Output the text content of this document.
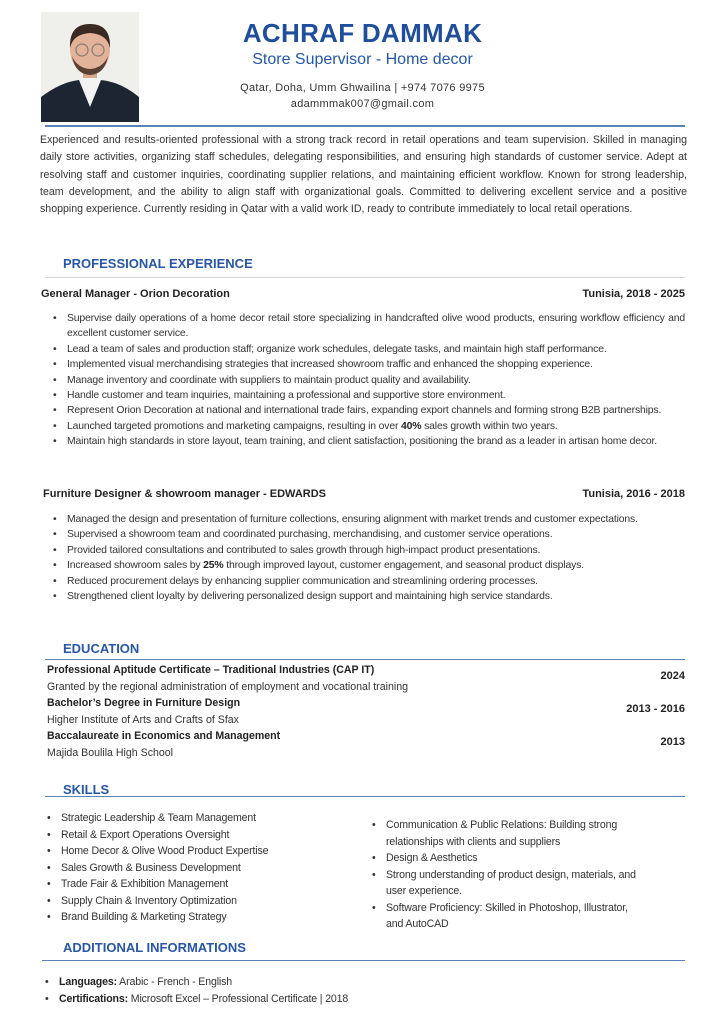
ACHRAF DAMMAK
Store Supervisor - Home decor
Qatar, Doha, Umm Ghwailina | +974 7076 9975
adammmak007@gmail.com
Experienced and results-oriented professional with a strong track record in retail operations and team supervision. Skilled in managing daily store activities, organizing staff schedules, delegating responsibilities, and ensuring high standards of customer service. Adept at resolving staff and customer inquiries, coordinating supplier relations, and maintaining efficient workflow. Known for strong leadership, team development, and the ability to align staff with organizational goals. Committed to delivering excellent service and a positive shopping experience. Currently residing in Qatar with a valid work ID, ready to contribute immediately to local retail operations.
PROFESSIONAL EXPERIENCE
General Manager - Orion Decoration	Tunisia, 2018 - 2025
• Supervise daily operations of a home decor retail store specializing in handcrafted olive wood products, ensuring workflow efficiency and excellent customer service.
• Lead a team of sales and production staff; organize work schedules, delegate tasks, and maintain high staff performance.
• Implemented visual merchandising strategies that increased showroom traffic and enhanced the shopping experience.
• Manage inventory and coordinate with suppliers to maintain product quality and availability.
• Handle customer and team inquiries, maintaining a professional and supportive store environment.
• Represent Orion Decoration at national and international trade fairs, expanding export channels and forming strong B2B partnerships.
• Launched targeted promotions and marketing campaigns, resulting in over 40% sales growth within two years.
• Maintain high standards in store layout, team training, and client satisfaction, positioning the brand as a leader in artisan home decor.
Furniture Designer & showroom manager - EDWARDS	Tunisia, 2016 - 2018
• Managed the design and presentation of furniture collections, ensuring alignment with market trends and customer expectations.
• Supervised a showroom team and coordinated purchasing, merchandising, and customer service operations.
• Provided tailored consultations and contributed to sales growth through high-impact product presentations.
• Increased showroom sales by 25% through improved layout, customer engagement, and seasonal product displays.
• Reduced procurement delays by enhancing supplier communication and streamlining ordering processes.
• Strengthened client loyalty by delivering personalized design support and maintaining high service standards.
EDUCATION
Professional Aptitude Certificate – Traditional Industries (CAP IT)
Granted by the regional administration of employment and vocational training
2024
Bachelor’s Degree in Furniture Design
Higher Institute of Arts and Crafts of Sfax
2013 - 2016
Baccalaureate in Economics and Management
Majida Boulila High School
2013
SKILLS
• Strategic Leadership & Team Management
• Retail & Export Operations Oversight
• Home Decor & Olive Wood Product Expertise
• Sales Growth & Business Development
• Trade Fair & Exhibition Management
• Supply Chain & Inventory Optimization
• Brand Building & Marketing Strategy
• Communication & Public Relations: Building strong relationships with clients and suppliers
• Design & Aesthetics
• Strong understanding of product design, materials, and user experience.
• Software Proficiency: Skilled in Photoshop, Illustrator, and AutoCAD
ADDITIONAL INFORMATIONS
• Languages: Arabic - French - English
• Certifications: Microsoft Excel – Professional Certificate | 2018
